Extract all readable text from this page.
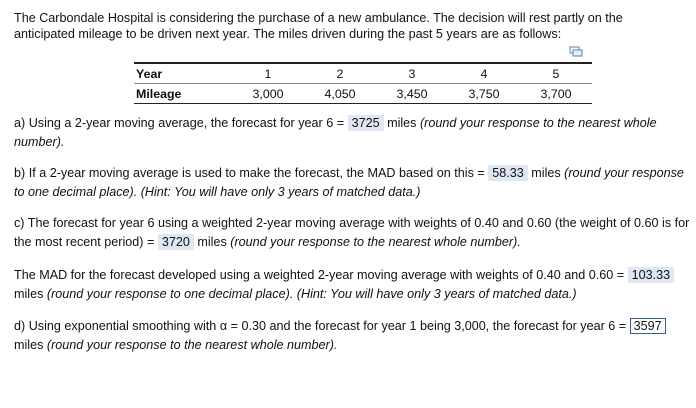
The Carbondale Hospital is considering the purchase of a new ambulance. The decision will rest partly on the anticipated mileage to be driven next year. The miles driven during the past 5 years are as follows:
Year	1	2	3	4	5
Mileage	3,000	4,050	3,450	3,750	3,700
a) Using a 2-year moving average, the forecast for year 6 = 3725 miles (round your response to the nearest whole number).
b) If a 2-year moving average is used to make the forecast, the MAD based on this = 58.33 miles (round your response to one decimal place). (Hint: You will have only 3 years of matched data.)
c) The forecast for year 6 using a weighted 2-year moving average with weights of 0.40 and 0.60 (the weight of 0.60 is for the most recent period) = 3720 miles (round your response to the nearest whole number).
The MAD for the forecast developed using a weighted 2-year moving average with weights of 0.40 and 0.60 = 103.33 miles (round your response to one decimal place). (Hint: You will have only 3 years of matched data.)
d) Using exponential smoothing with α = 0.30 and the forecast for year 1 being 3,000, the forecast for year 6 = 3597 miles (round your response to the nearest whole number).
